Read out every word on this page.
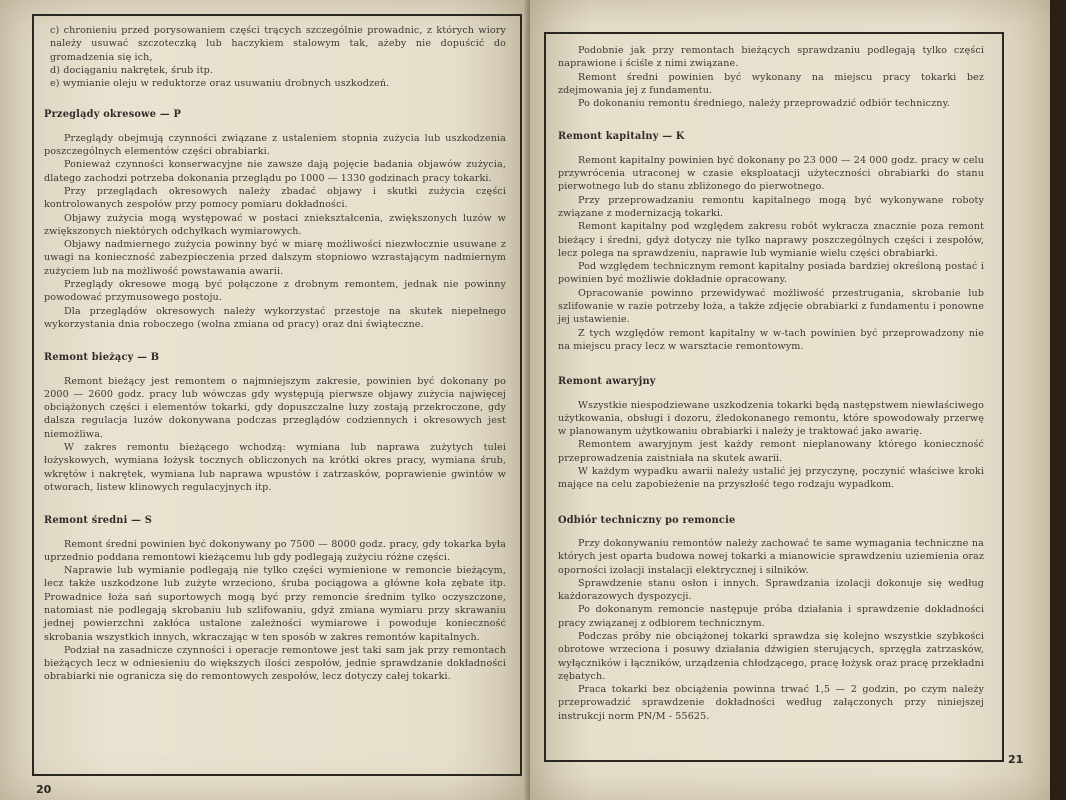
c) chronieniu przed porysowaniem części trących szczególnie prowadnic, z których wiory należy usuwać szczoteczką lub haczykiem stalowym tak, ażeby nie dopuścić do gromadzenia się ich,
d) dociąganiu nakrętek, śrub itp.
e) wymianie oleju w reduktorze oraz usuwaniu drobnych uszkodzeń.
Przeglądy okresowe — P

Przeglądy obejmują czynności związane z ustaleniem stopnia zużycia lub uszkodzenia poszczególnych elementów części obrabiarki.

Ponieważ czynności konserwacyjne nie zawsze dają pojęcie badania objawów zużycia, dlatego zachodzi potrzeba dokonania przeglądu po 1000 — 1330 godzinach pracy tokarki.

Przy przeglądach okresowych należy zbadać objawy i skutki zużycia części kontrolowanych zespołów przy pomocy pomiaru dokładności.

Objawy zużycia mogą występować w postaci zniekształcenia, zwiększonych luzów w zwiększonych niektórych odchyłkach wymiarowych.

Objawy nadmiernego zużycia powinny być w miarę możliwości niezwłocznie usuwane z uwagi na konieczność zabezpieczenia przed dalszym stopniowo wzrastającym nadmiernym zużyciem lub na możliwość powstawania awarii.

Przeglądy okresowe mogą być połączone z drobnym remontem, jednak nie powinny powodować przymusowego postoju.

Dla przeglądów okresowych należy wykorzystać przestoje na skutek niepełnego wykorzystania dnia roboczego (wolna zmiana od pracy) oraz dni świąteczne.

Remont bieżący — B

Remont bieżący jest remontem o najmniejszym zakresie, powinien być dokonany po 2000 — 2600 godz. pracy lub wówczas gdy występują pierwsze objawy zużycia najwięcej obciążonych części i elementów tokarki, gdy dopuszczalne luzy zostają przekroczone, gdy dalsza regulacja luzów dokonywana podczas przeglądów codziennych i okresowych jest niemożliwa.

W zakres remontu bieżącego wchodzą: wymiana lub naprawa zużytych tulei łożyskowych, wymiana łożysk tocznych obliczonych na krótki okres pracy, wymiana śrub, wkrętów i nakrętek, wymiana lub naprawa wpustów i zatrzasków, poprawienie gwintów w otworach, listew klinowych regulacyjnych itp.

Remont średni — S

Remont średni powinien być dokonywany po 7500 — 8000 godz. pracy, gdy tokarka była uprzednio poddana remontowi kieżącemu lub gdy podlegają zużyciu różne części.

Naprawie lub wymianie podlegają nie tylko części wymienione w remoncie bieżącym, lecz także uszkodzone lub zużyte wrzeciono, śruba pociągowa a główne koła zębate itp. Prowadnice łoża sań suportowych mogą być przy remoncie średnim tylko oczyszczone, natomiast nie podlegają skrobaniu lub szlifowaniu, gdyż zmiana wymiaru przy skrawaniu jednej powierzchni zakłóca ustalone zależności wymiarowe i powoduje konieczność skrobania wszystkich innych, wkraczając w ten sposób w zakres remontów kapitalnych.

Podział na zasadnicze czynności i operacje remontowe jest taki sam jak przy remontach bieżących lecz w odniesieniu do większych ilości zespołów, jednie sprawdzanie dokładności obrabiarki nie ogranicza się do remontowych zespołów, lecz dotyczy całej tokarki.

20

Podobnie jak przy remontach bieżących sprawdzaniu podlegają tylko części naprawione i ściśle z nimi związane.

Remont średni powinien być wykonany na miejscu pracy tokarki bez zdejmowania jej z fundamentu.

Po dokonaniu remontu średniego, należy przeprowadzić odbiór techniczny.

Remont kapitalny — K

Remont kapitalny powinien być dokonany po 23 000 — 24 000 godz. pracy w celu przywrócenia utraconej w czasie eksploatacji użyteczności obrabiarki do stanu pierwotnego lub do stanu zbliżonego do pierwotnego.

Przy przeprowadzaniu remontu kapitalnego mogą być wykonywane roboty związane z modernizacją tokarki.

Remont kapitalny pod względem zakresu robót wykracza znacznie poza remont bieżący i średni, gdyż dotyczy nie tylko naprawy poszczególnych części i zespołów, lecz polega na sprawdzeniu, naprawie lub wymianie wielu części obrabiarki.

Pod względem technicznym remont kapitalny posiada bardziej określoną postać i powinien być możliwie dokładnie opracowany.

Opracowanie powinno przewidywać możliwość przestrugania, skrobanie lub szlifowanie w razie potrzeby łoża, a także zdjęcie obrabiarki z fundamentu i ponowne jej ustawienie.

Z tych względów remont kapitalny w w-tach powinien być przeprowadzony nie na miejscu pracy lecz w warsztacie remontowym.

Remont awaryjny

Wszystkie niespodziewane uszkodzenia tokarki będą następstwem niewłaściwego użytkowania, obsługi i dozoru, źledokonanego remontu, które spowodowały przerwę w planowanym użytkowaniu obrabiarki i należy je traktować jako awarię.

Remontem awaryjnym jest każdy remont nieplanowany którego konieczność przeprowadzenia zaistniała na skutek awarii.

W każdym wypadku awarii należy ustalić jej przyczynę, poczynić właściwe kroki mające na celu zapobieżenie na przyszłość tego rodzaju wypadkom.

Odbiór techniczny po remoncie

Przy dokonywaniu remontów należy zachować te same wymagania techniczne na których jest oparta budowa nowej tokarki a mianowicie sprawdzeniu uziemienia oraz oporności izolacji instalacji elektrycznej i silników.

Sprawdzenie stanu osłon i innych. Sprawdzania izolacji dokonuje się według każdorazowych dyspozycji.

Po dokonanym remoncie następuje próba działania i sprawdzenie dokładności pracy związanej z odbiorem technicznym.

Podczas próby nie obciążonej tokarki sprawdza się kolejno wszystkie szybkości obrotowe wrzeciona i posuwy działania dźwigien sterujących, sprzęgła zatrzasków, wyłączników i łączników, urządzenia chłodzącego, pracę łożysk oraz pracę przekładni zębatych.

Praca tokarki bez obciążenia powinna trwać 1,5 — 2 godzin, po czym należy przeprowadzić sprawdzenie dokładności według załączonych przy niniejszej instrukcji norm PN/M - 55625.

21
